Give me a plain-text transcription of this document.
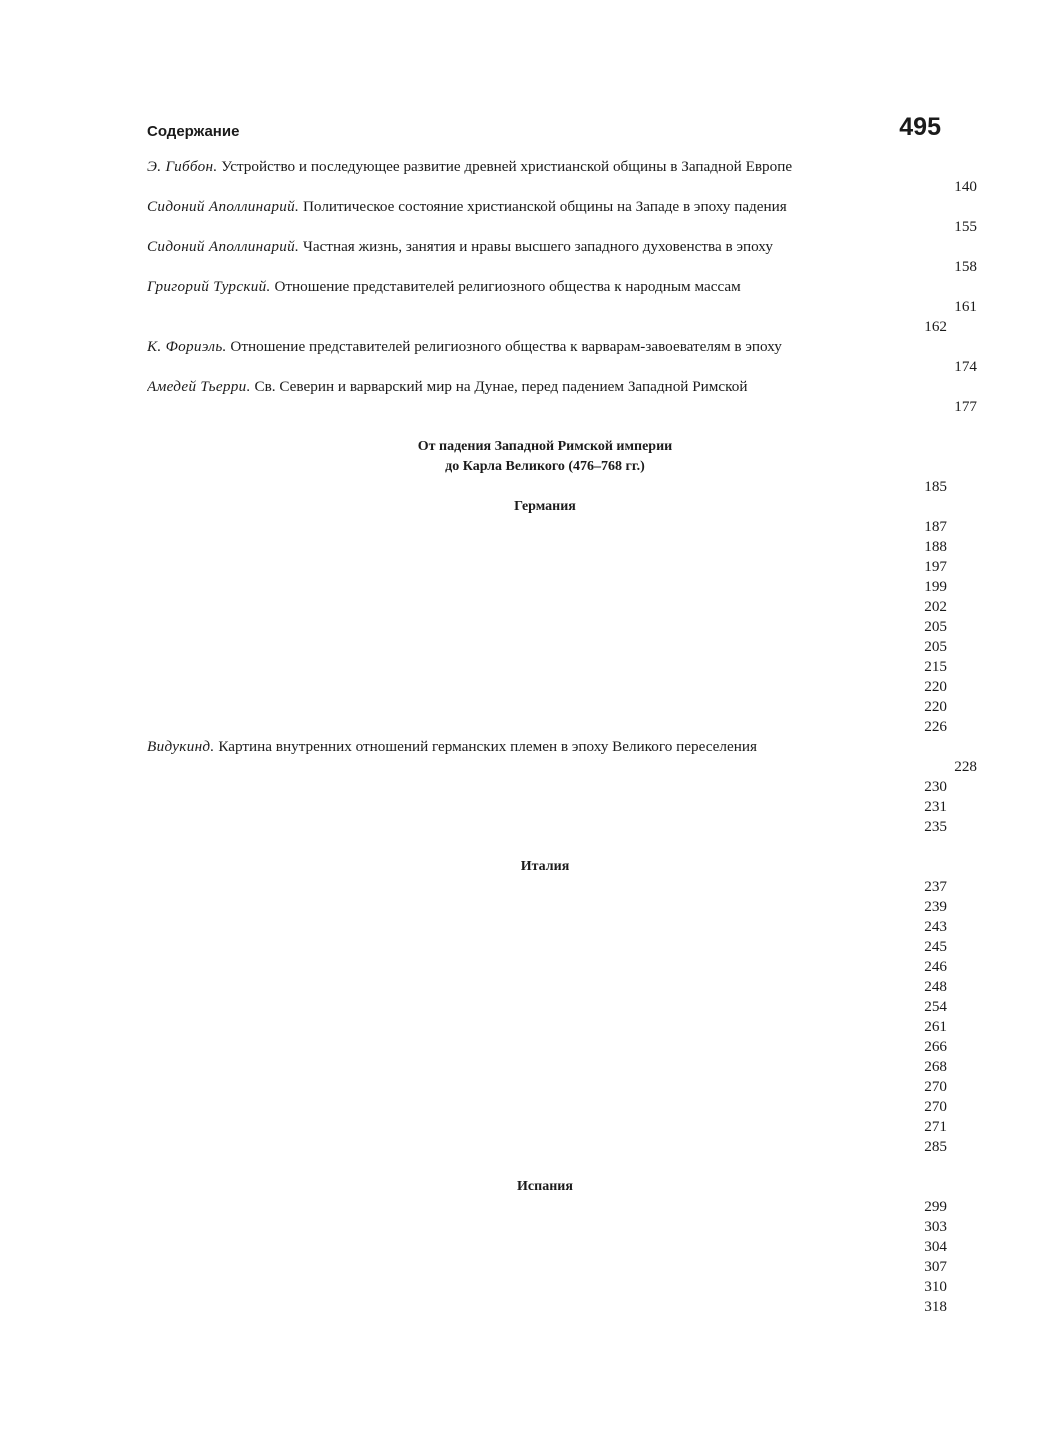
Содержание	495
Э. Гиббон. Устройство и последующее развитие древней христианской общины в Западной Европе
140
Сидоний Аполлинарий. Политическое состояние христианской общины на Западе в эпоху падения
155
Сидоний Аполлинарий. Частная жизнь, занятия и нравы высшего западного духовенства в эпоху
158
Григорий Турский. Отношение представителей религиозного общества к народным массам
161
162
К. Фориэль. Отношение представителей религиозного общества к варварам-завоевателям в эпоху
174
Амедей Тьерри. Св. Северин и варварский мир на Дунае, перед падением Западной Римской
177
От падения Западной Римской империи
до Карла Великого (476–768 гг.)
185
Германия
187
188
197
199
202
205
205
215
220
220
226
Видукинд. Картина внутренних отношений германских племен в эпоху Великого переселения
228
230
231
235
Италия
237
239
243
245
246
248
254
261
266
268
270
270
271
285
Испания
299
303
304
307
310
318
